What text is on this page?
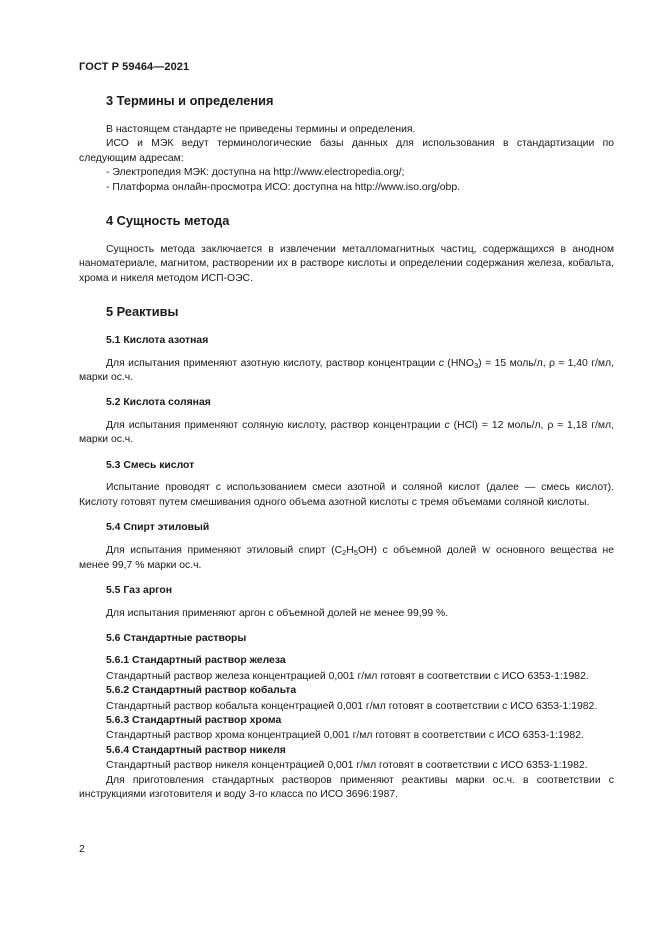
ГОСТ Р 59464—2021
3 Термины и определения

В настоящем стандарте не приведены термины и определения.

ИСО и МЭК ведут терминологические базы данных для использования в стандартизации по следующим адресам:

- Электропедия МЭК: доступна на http://www.electropedia.org/;

- Платформа онлайн-просмотра ИСО: доступна на http://www.iso.org/obp.

4 Сущность метода

Сущность метода заключается в извлечении металломагнитных частиц, содержащихся в анодном наноматериале, магнитом, растворении их в растворе кислоты и определении содержания железа, кобальта, хрома и никеля методом ИСП-ОЭС.

5 Реактивы
5.1 Кислота азотная

Для испытания применяют азотную кислоту, раствор концентрации c $(HNO_3) = 15$ моль/л, ρ ≈ 1,40 г/мл, марки ос.ч.

5.2 Кислота соляная

Для испытания применяют соляную кислоту, раствор концентрации c (HCl) = 12 моль/л, ρ ≈ 1,18 г/мл, марки ос.ч.

5.3 Смесь кислот

Испытание проводят с использованием смеси азотной и соляной кислот (далее — смесь кислот). Кислоту готовят путем смешивания одного объема азотной кислоты с тремя объемами соляной кислоты.

5.4 Спирт этиловый

Для испытания применяют этиловый спирт $(C_2H_5OH)$ с объемной долей w основного вещества не менее 99,7 % марки ос.ч.

5.5 Газ аргон

Для испытания применяют аргон с объемной долей не менее 99,99 %.

5.6 Стандартные растворы
5.6.1 Стандартный раствор железа

Стандартный раствор железа концентрацией 0,001 г/мл готовят в соответствии с ИСО 6353-1:1982.

5.6.2 Стандартный раствор кобальта

Стандартный раствор кобальта концентрацией 0,001 г/мл готовят в соответствии с ИСО 6353-1:1982.

5.6.3 Стандартный раствор хрома

Стандартный раствор хрома концентрацией 0,001 г/мл готовят в соответствии с ИСО 6353-1:1982.

5.6.4 Стандартный раствор никеля

Стандартный раствор никеля концентрацией 0,001 г/мл готовят в соответствии с ИСО 6353-1:1982.

Для приготовления стандартных растворов применяют реактивы марки ос.ч. в соответствии с инструкциями изготовителя и воду 3-го класса по ИСО 3696:1987.

2
